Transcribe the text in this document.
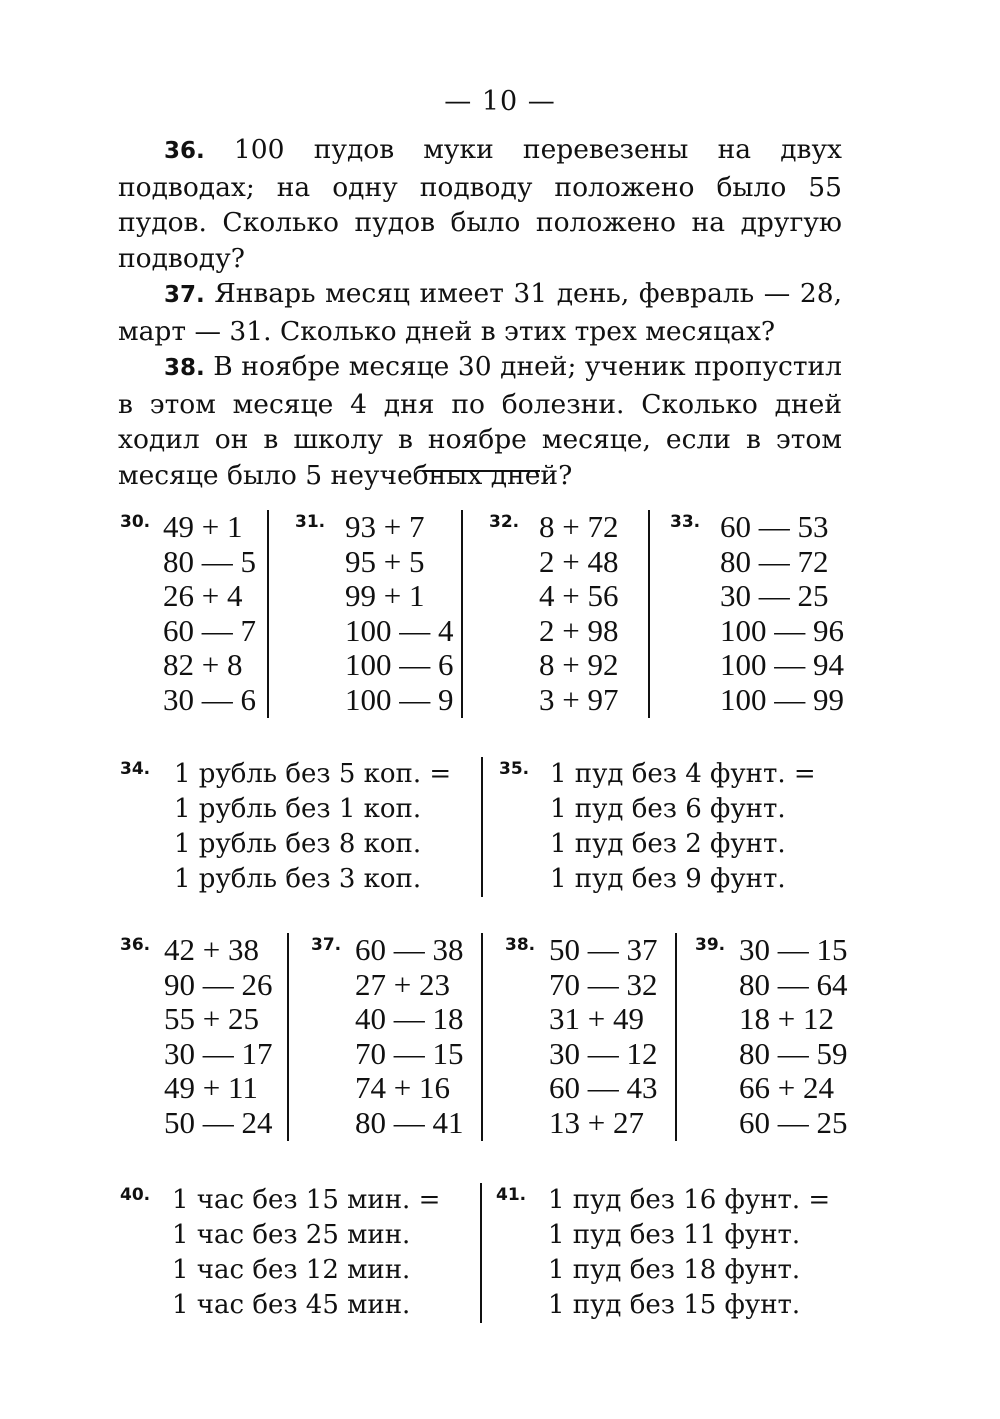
— 10 —

36. 100 пудов муки перевезены на двух подводах; на одну подводу положено было 55 пудов. Сколько пудов было положено на другую подводу?

37. Январь месяц имеет 31 день, февраль — 28, март — 31. Сколько дней в этих трех месяцах?

38. В ноябре месяце 30 дней; ученик пропустил в этом месяце 4 дня по болезни. Сколько дней ходил он в школу в ноябре месяце, если в этом месяце было 5 неучебных дней?

30. 49 + 1
80 — 5
26 + 4
60 — 7
82 + 8
30 — 6
31. 93 + 7
95 + 5
99 + 1
100 — 4
100 — 6
100 — 9
32. 8 + 72
2 + 48
4 + 56
2 + 98
8 + 92
3 + 97
33. 60 — 53
80 — 72
30 — 25
100 — 96
100 — 94
100 — 99
34. 1 рубль без 5 коп. =
1 рубль без 1 коп.
1 рубль без 8 коп.
1 рубль без 3 коп.
35. 1 пуд без 4 фунт. =
1 пуд без 6 фунт.
1 пуд без 2 фунт.
1 пуд без 9 фунт.
36. 42 + 38
90 — 26
55 + 25
30 — 17
49 + 11
50 — 24
37. 60 — 38
27 + 23
40 — 18
70 — 15
74 + 16
80 — 41
38. 50 — 37
70 — 32
31 + 49
30 — 12
60 — 43
13 + 27
39. 30 — 15
80 — 64
18 + 12
80 — 59
66 + 24
60 — 25
40. 1 час без 15 мин. =
1 час без 25 мин.
1 час без 12 мин.
1 час без 45 мин.
41. 1 пуд без 16 фунт. =
1 пуд без 11 фунт.
1 пуд без 18 фунт.
1 пуд без 15 фунт.
